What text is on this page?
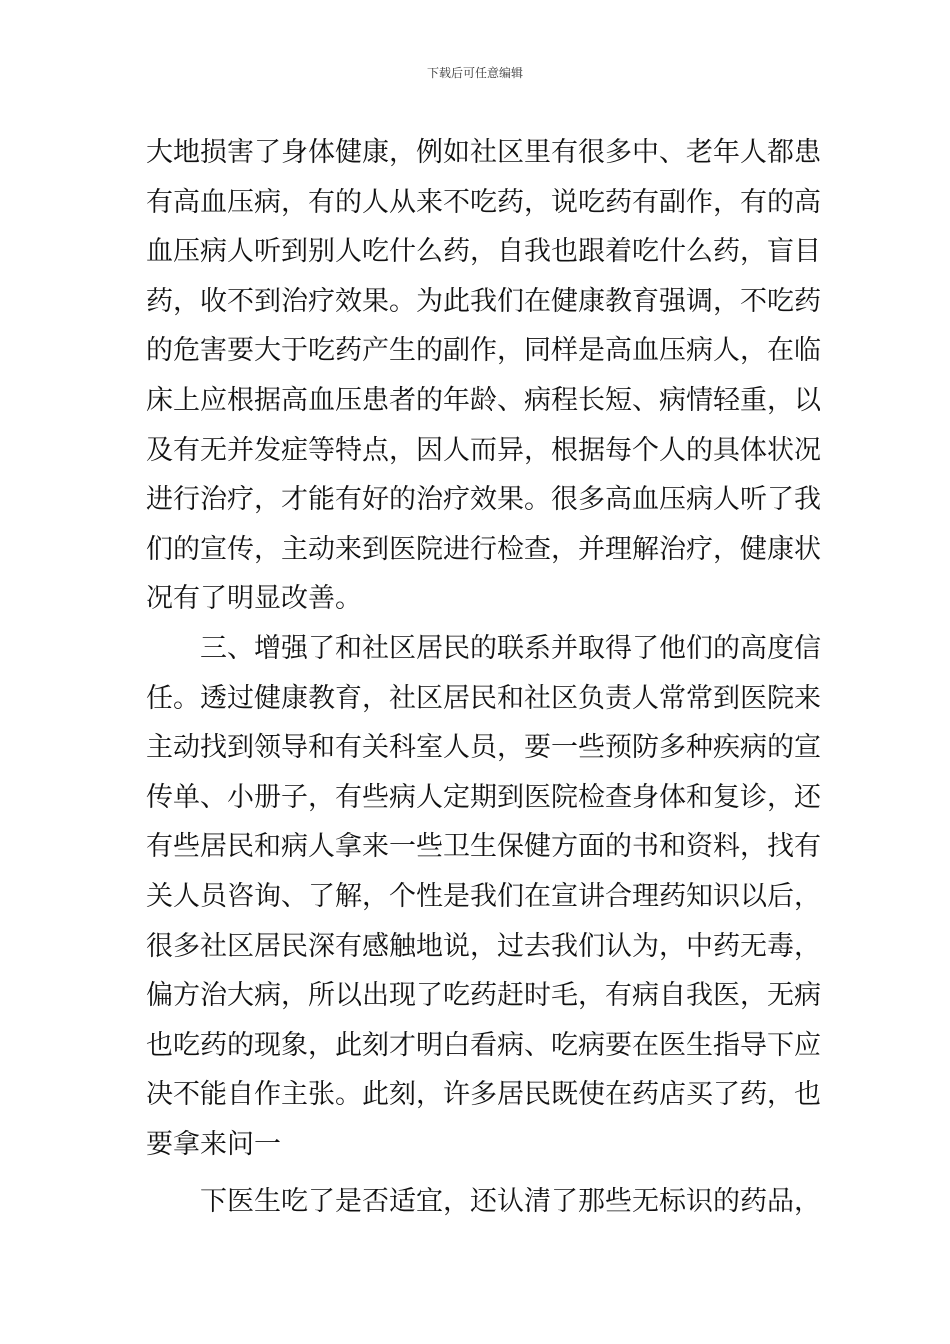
下载后可任意编辑
大地损害了身体健康，例如社区里有很多中、老年人都患
有高血压病，有的人从来不吃药，说吃药有副作，有的高
血压病人听到别人吃什么药，自我也跟着吃什么药，盲目
药，收不到治疗效果。为此我们在健康教育强调，不吃药
的危害要大于吃药产生的副作，同样是高血压病人，在临
床上应根据高血压患者的年龄、病程长短、病情轻重，以
及有无并发症等特点，因人而异，根据每个人的具体状况
进行治疗，才能有好的治疗效果。很多高血压病人听了我
们的宣传，主动来到医院进行检查，并理解治疗，健康状
况有了明显改善。
三、增强了和社区居民的联系并取得了他们的高度信
任。透过健康教育，社区居民和社区负责人常常到医院来
主动找到领导和有关科室人员，要一些预防多种疾病的宣
传单、小册子，有些病人定期到医院检查身体和复诊，还
有些居民和病人拿来一些卫生保健方面的书和资料，找有
关人员咨询、了解，个性是我们在宣讲合理药知识以后，
很多社区居民深有感触地说，过去我们认为，中药无毒，
偏方治大病，所以出现了吃药赶时毛，有病自我医，无病
也吃药的现象，此刻才明白看病、吃病要在医生指导下应
决不能自作主张。此刻，许多居民既使在药店买了药，也
要拿来问一
下医生吃了是否适宜，还认清了那些无标识的药品，
